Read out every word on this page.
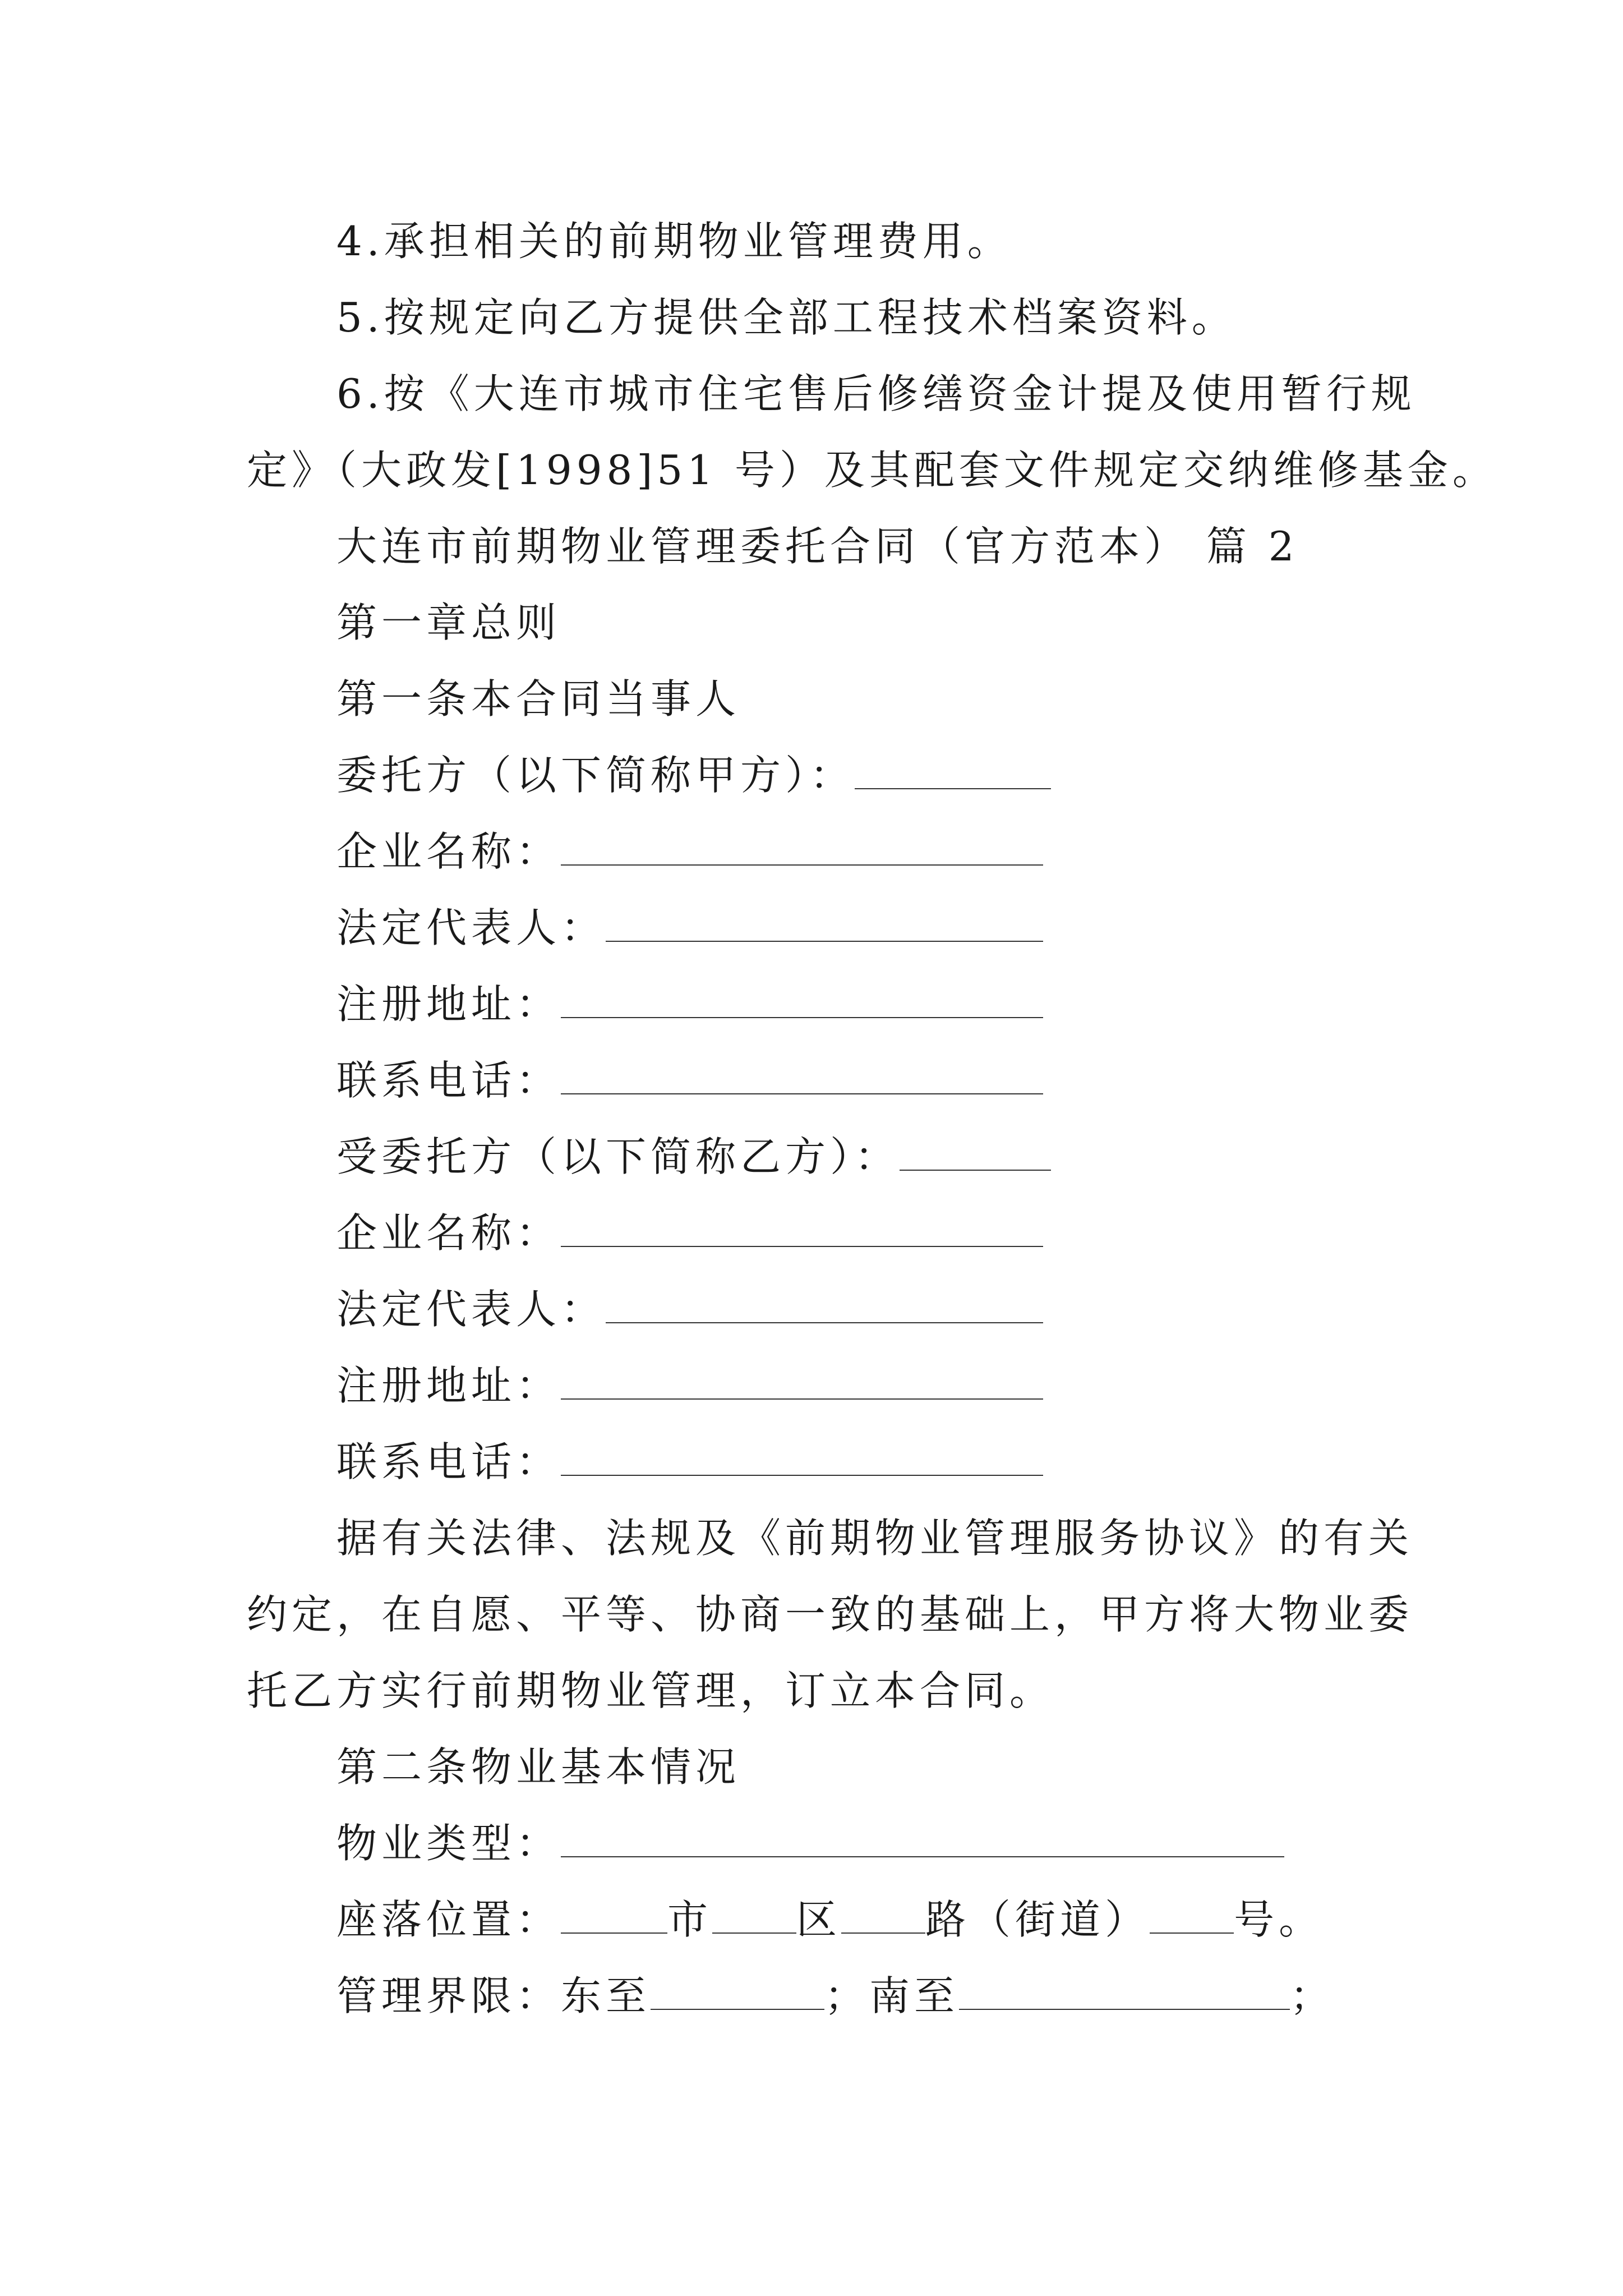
4.承担相关的前期物业管理费用。
5.按规定向乙方提供全部工程技术档案资料。
6.按《大连市城市住宅售后修缮资金计提及使用暂行规
定》（大政发[1998]51 号）及其配套文件规定交纳维修基金。
大连市前期物业管理委托合同（官方范本） 篇 2
第一章总则
第一条本合同当事人
委托方（以下简称甲方）：
企业名称：
法定代表人：
注册地址：
联系电话：
受委托方（以下简称乙方）：
企业名称：
法定代表人：
注册地址：
联系电话：
据有关法律、法规及《前期物业管理服务协议》的有关
约定，在自愿、平等、协商一致的基础上，甲方将大物业委
托乙方实行前期物业管理，订立本合同。
第二条物业基本情况
物业类型：
座落位置：	市 区 路（街道） 号。
管理界限：东至	；南至	；
